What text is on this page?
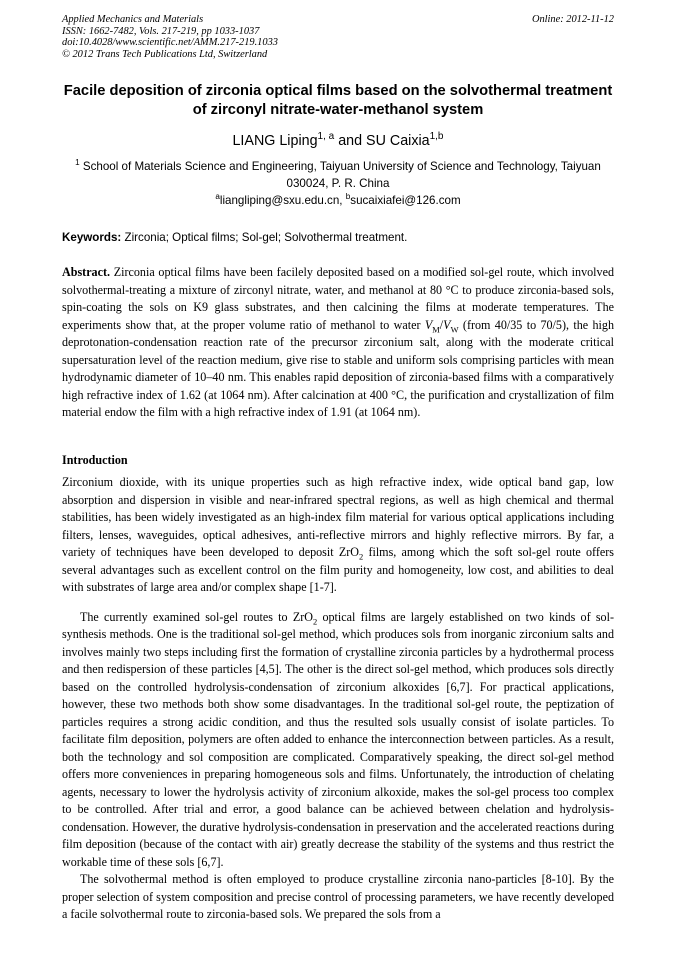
Applied Mechanics and Materials
ISSN: 1662-7482, Vols. 217-219, pp 1033-1037
doi:10.4028/www.scientific.net/AMM.217-219.1033
© 2012 Trans Tech Publications Ltd, Switzerland
Online: 2012-11-12
Facile deposition of zirconia optical films based on the solvothermal treatment of zirconyl nitrate-water-methanol system
LIANG Liping$^{1, a}$ and SU Caixia$^{1,b}$
$^1$ School of Materials Science and Engineering, Taiyuan University of Science and Technology, Taiyuan 030024, P. R. China
$^a$liangliping@sxu.edu.cn, $^b$sucaixiafei@126.com
Keywords: Zirconia; Optical films; Sol-gel; Solvothermal treatment.
Abstract. Zirconia optical films have been facilely deposited based on a modified sol-gel route, which involved solvothermal-treating a mixture of zirconyl nitrate, water, and methanol at 80 °C to produce zirconia-based sols, spin-coating the sols on K9 glass substrates, and then calcining the films at moderate temperatures. The experiments show that, at the proper volume ratio of methanol to water $V_M/V_W$ (from 40/35 to 70/5), the high deprotonation-condensation reaction rate of the precursor zirconium salt, along with the moderate critical supersaturation level of the reaction medium, give rise to stable and uniform sols comprising particles with mean hydrodynamic diameter of 10–40 nm. This enables rapid deposition of zirconia-based films with a comparatively high refractive index of 1.62 (at 1064 nm). After calcination at 400 °C, the purification and crystallization of film material endow the film with a high refractive index of 1.91 (at 1064 nm).
Introduction

Zirconium dioxide, with its unique properties such as high refractive index, wide optical band gap, low absorption and dispersion in visible and near-infrared spectral regions, as well as high chemical and thermal stabilities, has been widely investigated as an high-index film material for various optical applications including filters, lenses, waveguides, optical adhesives, anti-reflective mirrors and highly reflective mirrors. By far, a variety of techniques have been developed to deposit ZrO$_2$ films, among which the soft sol-gel route offers several advantages such as excellent control on the film purity and homogeneity, low cost, and abilities to deal with substrates of large area and/or complex shape [1-7].

The currently examined sol-gel routes to ZrO$_2$ optical films are largely established on two kinds of sol-synthesis methods. One is the traditional sol-gel method, which produces sols from inorganic zirconium salts and involves mainly two steps including first the formation of crystalline zirconia particles by a hydrothermal process and then redispersion of these particles [4,5]. The other is the direct sol-gel method, which produces sols directly based on the controlled hydrolysis-condensation of zirconium alkoxides [6,7]. For practical applications, however, these two methods both show some disadvantages. In the traditional sol-gel route, the peptization of particles requires a strong acidic condition, and thus the resulted sols usually consist of isolate particles. To facilitate film deposition, polymers are often added to enhance the interconnection between particles. As a result, both the technology and sol composition are complicated. Comparatively speaking, the direct sol-gel method offers more conveniences in preparing homogeneous sols and films. Unfortunately, the introduction of chelating agents, necessary to lower the hydrolysis activity of zirconium alkoxide, makes the sol-gel process too complex to be controlled. After trial and error, a good balance can be achieved between chelation and hydrolysis-condensation. However, the durative hydrolysis-condensation in preservation and the accelerated reactions during film deposition (because of the contact with air) greatly decrease the stability of the systems and thus restrict the workable time of these sols [6,7].

The solvothermal method is often employed to produce crystalline zirconia nano-particles [8-10]. By the proper selection of system composition and precise control of processing parameters, we have recently developed a facile solvothermal route to zirconia-based sols. We prepared the sols from a
